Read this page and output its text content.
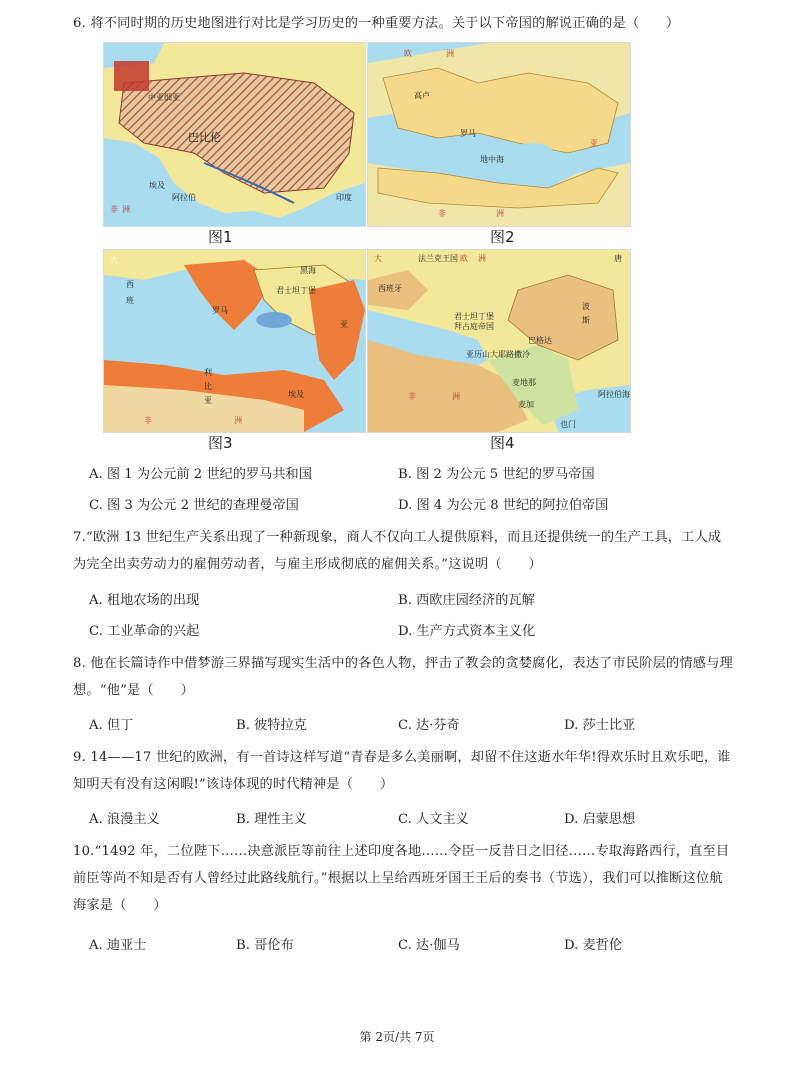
6. 将不同时期的历史地图进行对比是学习历史的一种重要方法。关于以下帝国的解说正确的是（　　）
巴比伦
阿拉伯	印度
埃及
中亚细亚
非 洲
图1
欧	洲
高卢
罗马
亚
地中海
非	洲
图2
大
西
班
罗马
君士坦丁堡
黑海
亚
利
比
亚
埃及
非	洲
图3
大	欧 洲
西班牙
法兰克王国
君士坦丁堡
拜占庭帝国
亚历山大 耶路撒冷
巴格达
麦加
麦地那
波
斯
唐
非	洲
也门
阿拉伯海
图4
A. 图 1 为公元前 2 世纪的罗马共和国	B. 图 2 为公元 5 世纪的罗马帝国
C. 图 3 为公元 2 世纪的查理曼帝国	D. 图 4 为公元 8 世纪的阿拉伯帝国
7.“欧洲 13 世纪生产关系出现了一种新现象，商人不仅向工人提供原料，而且还提供统一的生产工具，工人成为完全出卖劳动力的雇佣劳动者，与雇主形成彻底的雇佣关系。”这说明（　　）
A. 租地农场的出现	B. 西欧庄园经济的瓦解
C. 工业革命的兴起	D. 生产方式资本主义化
8. 他在长篇诗作中借梦游三界描写现实生活中的各色人物，抨击了教会的贪婪腐化，表达了市民阶层的情感与理想。“他”是（　　）
A. 但丁	B. 彼特拉克	C. 达·芬奇	D. 莎士比亚
9. 14——17 世纪的欧洲，有一首诗这样写道“青春是多么美丽啊，却留不住这逝水年华!得欢乐时且欢乐吧，谁知明天有没有这闲暇!”该诗体现的时代精神是（　　）
A. 浪漫主义	B. 理性主义	C. 人文主义	D. 启蒙思想
10.“1492 年，二位陛下……决意派臣等前往上述印度各地……令臣一反昔日之旧径……专取海路西行，直至目前臣等尚不知是否有人曾经过此路线航行。”根据以上呈给西班牙国王王后的奏书（节选），我们可以推断这位航海家是（　　）
A. 迪亚士	B. 哥伦布	C. 达·伽马	D. 麦哲伦
第 2页/共 7页
